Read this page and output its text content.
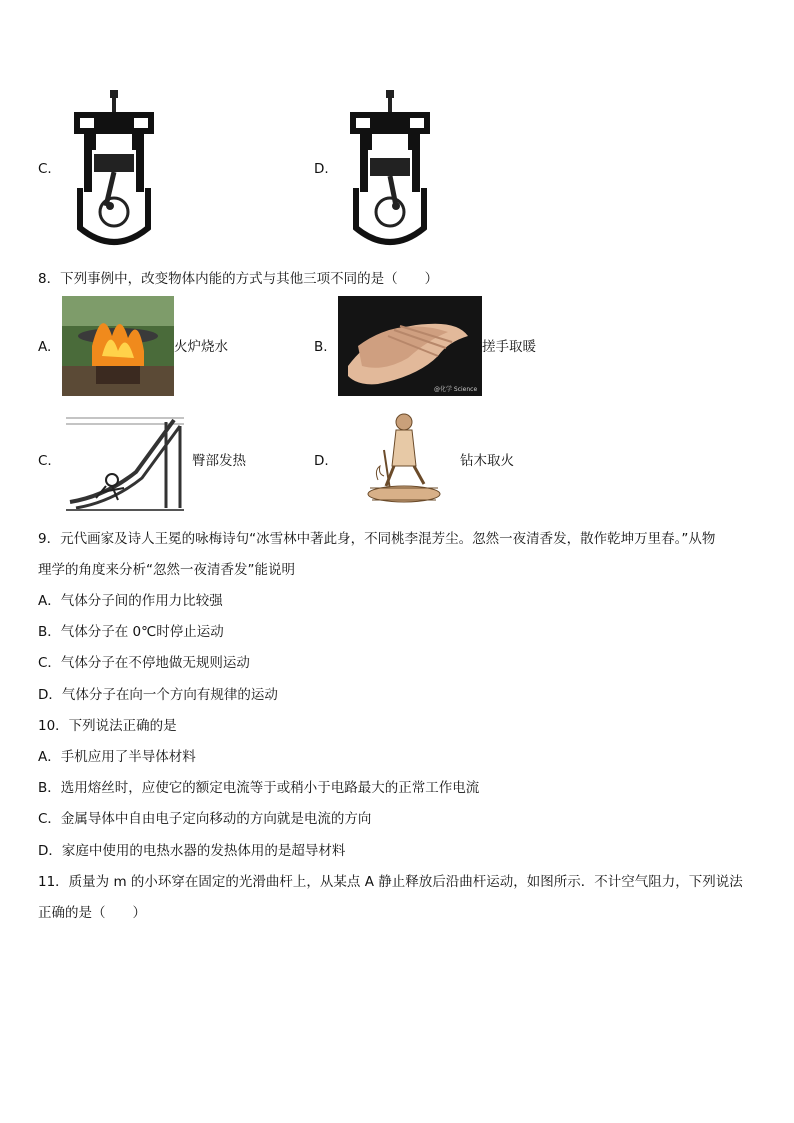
C.	D.
8．下列事例中，改变物体内能的方式与其他三项不同的是（　　）
A.	火炉烧水	B.
@化学 Science
搓手取暖
C.	臀部发热	D.	钻木取火
9．元代画家及诗人王冕的咏梅诗句“冰雪林中著此身，不同桃李混芳尘。忽然一夜清香发，散作乾坤万里春。”从物
理学的角度来分析“忽然一夜清香发”能说明
A．气体分子间的作用力比较强
B．气体分子在 0℃时停止运动
C．气体分子在不停地做无规则运动
D．气体分子在向一个方向有规律的运动
10．下列说法正确的是
A．手机应用了半导体材料
B．选用熔丝时，应使它的额定电流等于或稍小于电路最大的正常工作电流
C．金属导体中自由电子定向移动的方向就是电流的方向
D．家庭中使用的电热水器的发热体用的是超导材料
11．质量为 m 的小环穿在固定的光滑曲杆上，从某点 A 静止释放后沿曲杆运动，如图所示．不计空气阻力，下列说法
正确的是（　　）
